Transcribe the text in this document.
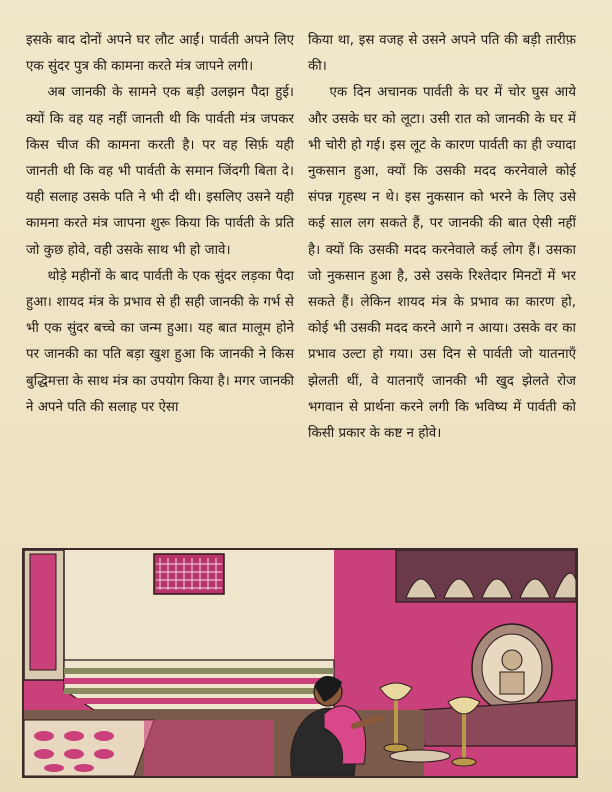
इसके बाद दोनों अपने घर लौट आईं। पार्वती अपने लिए एक सुंदर पुत्र की कामना करते मंत्र जापने लगी।

अब जानकी के सामने एक बड़ी उलझन पैदा हुई। क्यों कि वह यह नहीं जानती थी कि पार्वती मंत्र जपकर किस चीज की कामना करती है। पर वह सिर्फ़ यही जानती थी कि वह भी पार्वती के समान जिंदगी बिता दे। यही सलाह उसके पति ने भी दी थी। इसलिए उसने यही कामना करते मंत्र जापना शुरू किया कि पार्वती के प्रति जो कुछ होवे, वही उसके साथ भी हो जावे।

थोड़े महीनों के बाद पार्वती के एक सुंदर लड़का पैदा हुआ। शायद मंत्र के प्रभाव से ही सही जानकी के गर्भ से भी एक सुंदर बच्चे का जन्म हुआ। यह बात मालूम होने पर जानकी का पति बड़ा खुश हुआ कि जानकी ने किस बुद्धिमत्ता के साथ मंत्र का उपयोग किया है। मगर जानकी ने अपने पति की सलाह पर ऐसा

किया था, इस वजह से उसने अपने पति की बड़ी तारीफ़ की।

एक दिन अचानक पार्वती के घर में चोर घुस आये और उसके घर को लूटा। उसी रात को जानकी के घर में भी चोरी हो गई। इस लूट के कारण पार्वती का ही ज्यादा नुकसान हुआ, क्यों कि उसकी मदद करनेवाले कोई संपन्न गृहस्थ न थे। इस नुकसान को भरने के लिए उसे कई साल लग सकते हैं, पर जानकी की बात ऐसी नहीं है। क्यों कि उसकी मदद करनेवाले कई लोग हैं। उसका जो नुकसान हुआ है, उसे उसके रिश्तेदार मिनटों में भर सकते हैं। लेकिन शायद मंत्र के प्रभाव का कारण हो, कोई भी उसकी मदद करने आगे न आया। उसके वर का प्रभाव उल्टा हो गया। उस दिन से पार्वती जो यातनाएँ झेलती थीं, वे यातनाएँ जानकी भी खुद झेलते रोज भगवान से प्रार्थना करने लगी कि भविष्य में पार्वती को किसी प्रकार के कष्ट न होवे।
